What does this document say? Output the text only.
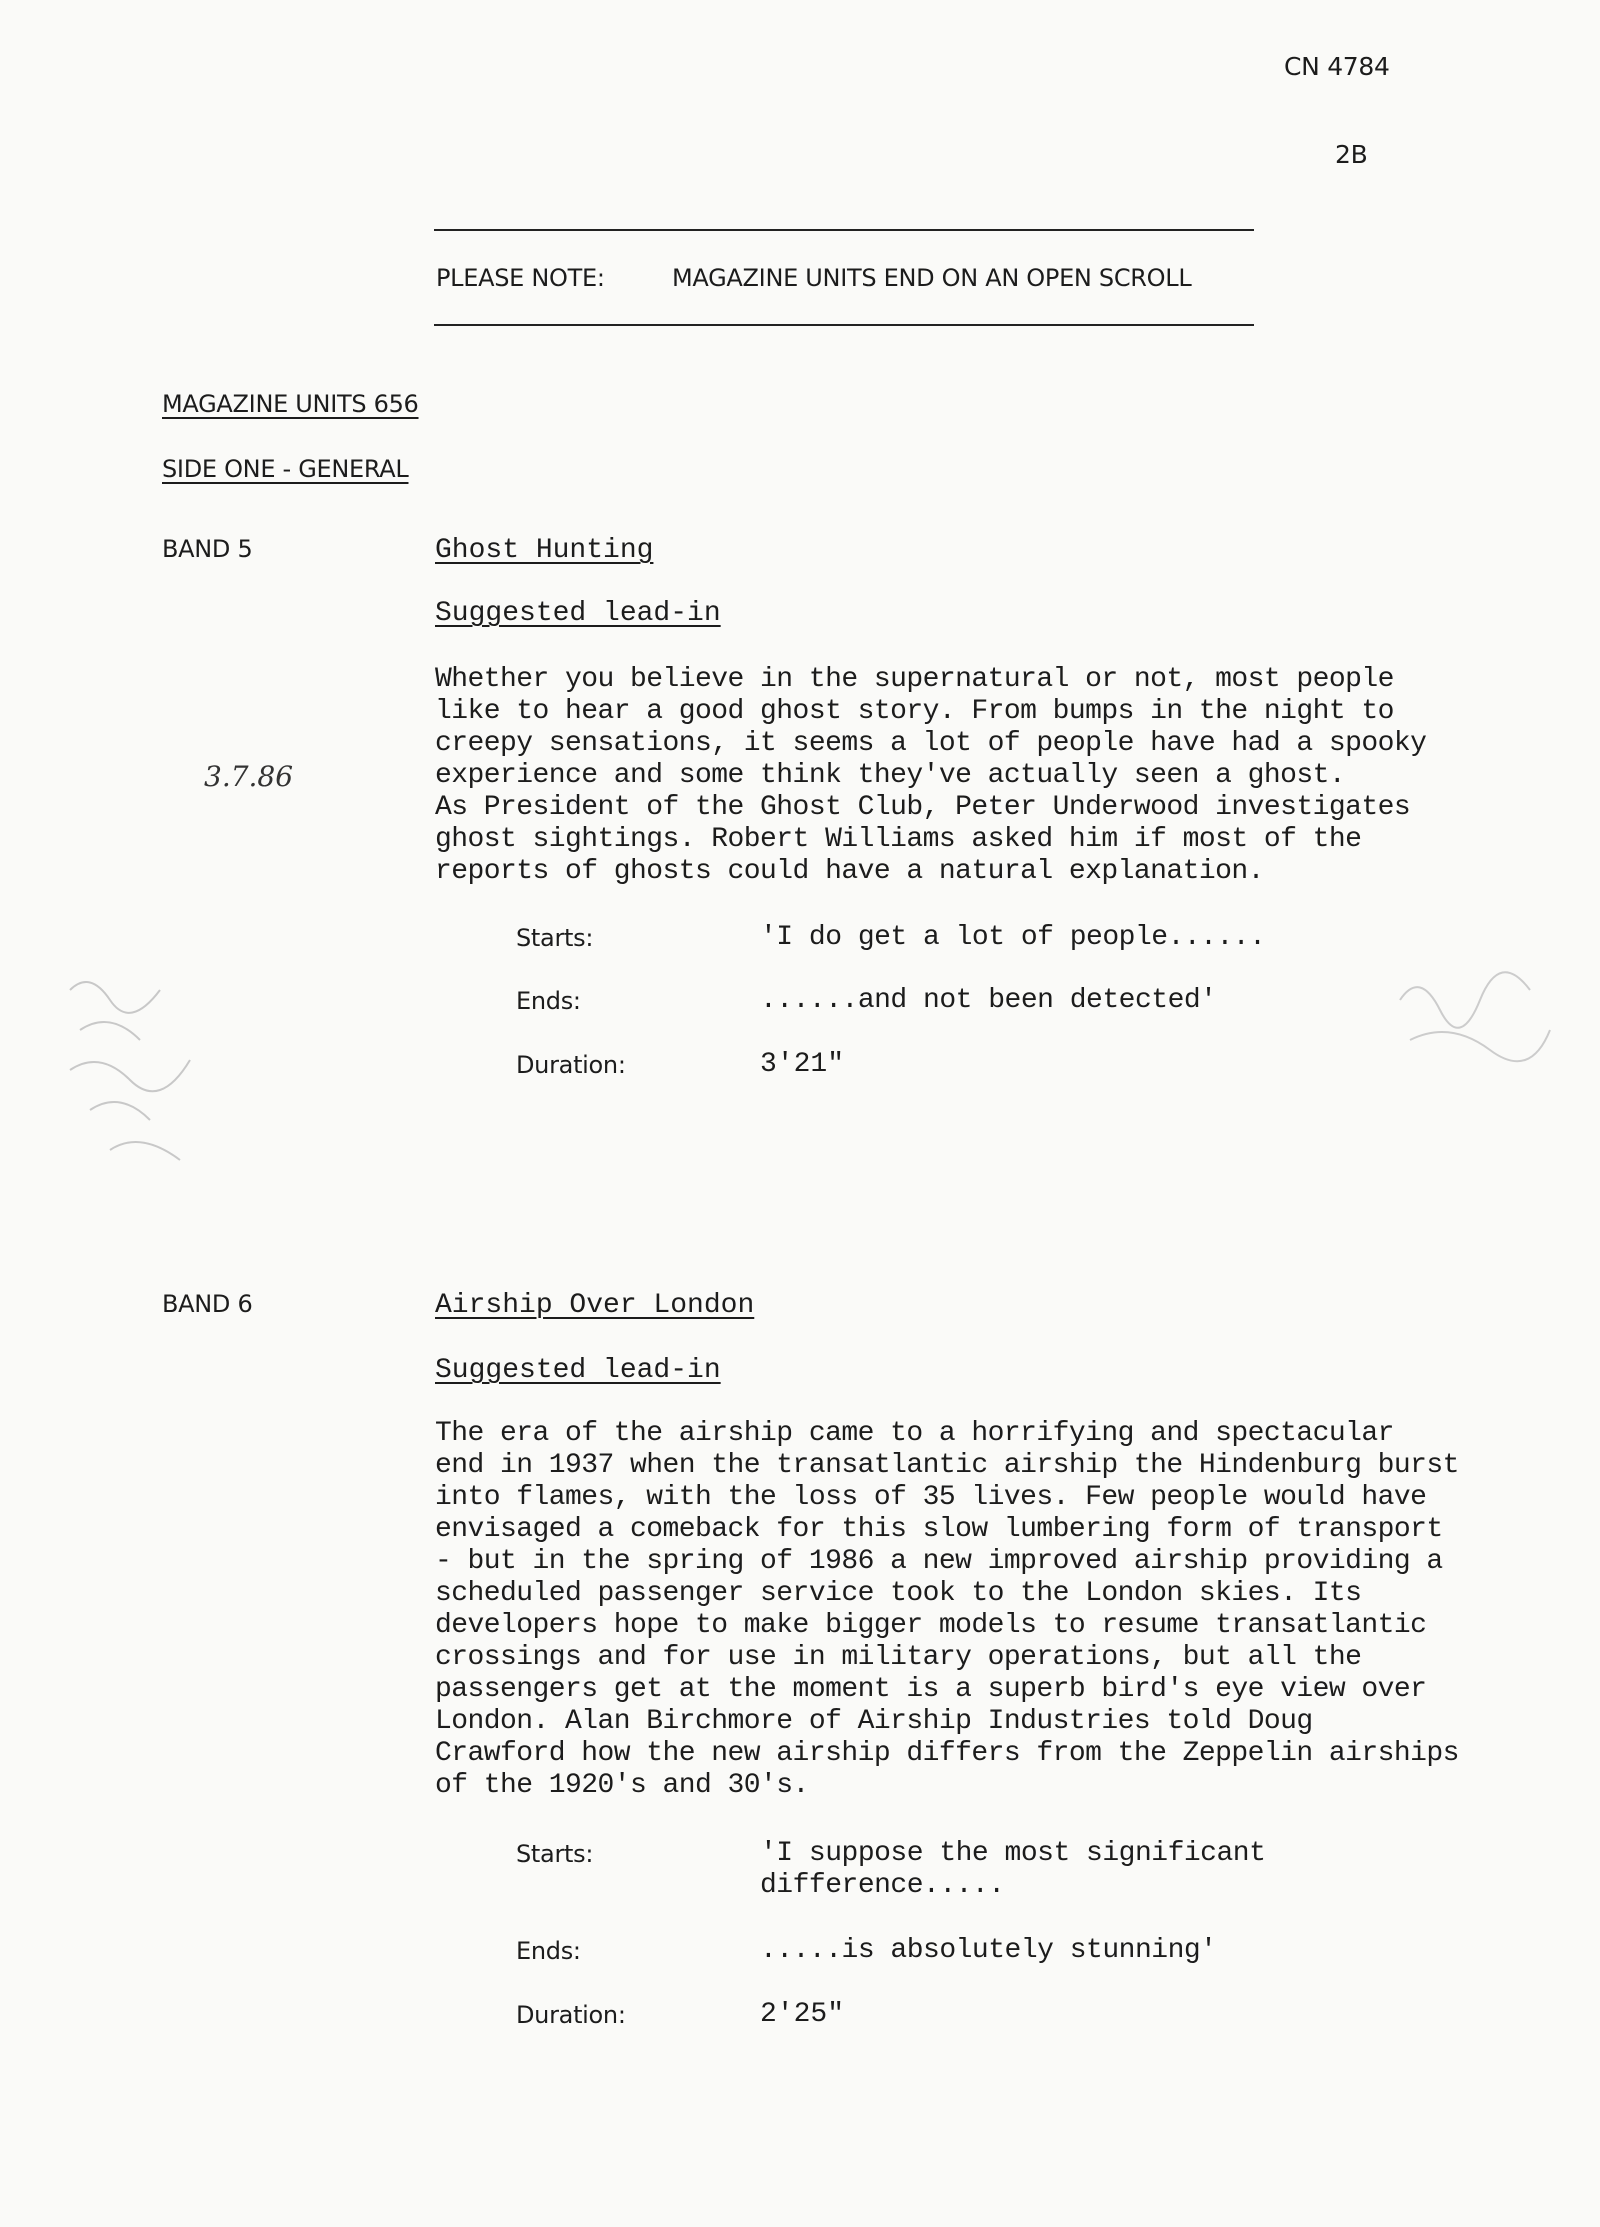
CN 4784
2B
PLEASE NOTE:	MAGAZINE UNITS END ON AN OPEN SCROLL
MAGAZINE UNITS 656
SIDE ONE - GENERAL
BAND 5	Ghost Hunting
Suggested lead-in
Whether you believe in the supernatural or not, most people
like to hear a good ghost story. From bumps in the night to
creepy sensations, it seems a lot of people have had a spooky
experience and some think they've actually seen a ghost.
As President of the Ghost Club, Peter Underwood investigates
ghost sightings. Robert Williams asked him if most of the
reports of ghosts could have a natural explanation.
3.7.86
Starts:	'I do get a lot of people......
Ends:	......and not been detected'
Duration:	3'21"
BAND 6	Airship Over London
Suggested lead-in
The era of the airship came to a horrifying and spectacular
end in 1937 when the transatlantic airship the Hindenburg burst
into flames, with the loss of 35 lives. Few people would have
envisaged a comeback for this slow lumbering form of transport
- but in the spring of 1986 a new improved airship providing a
scheduled passenger service took to the London skies. Its
developers hope to make bigger models to resume transatlantic
crossings and for use in military operations, but all the
passengers get at the moment is a superb bird's eye view over
London. Alan Birchmore of Airship Industries told Doug
Crawford how the new airship differs from the Zeppelin airships
of the 1920's and 30's.
Starts:	'I suppose the most significant
difference.....
Ends:	.....is absolutely stunning'
Duration:	2'25"
